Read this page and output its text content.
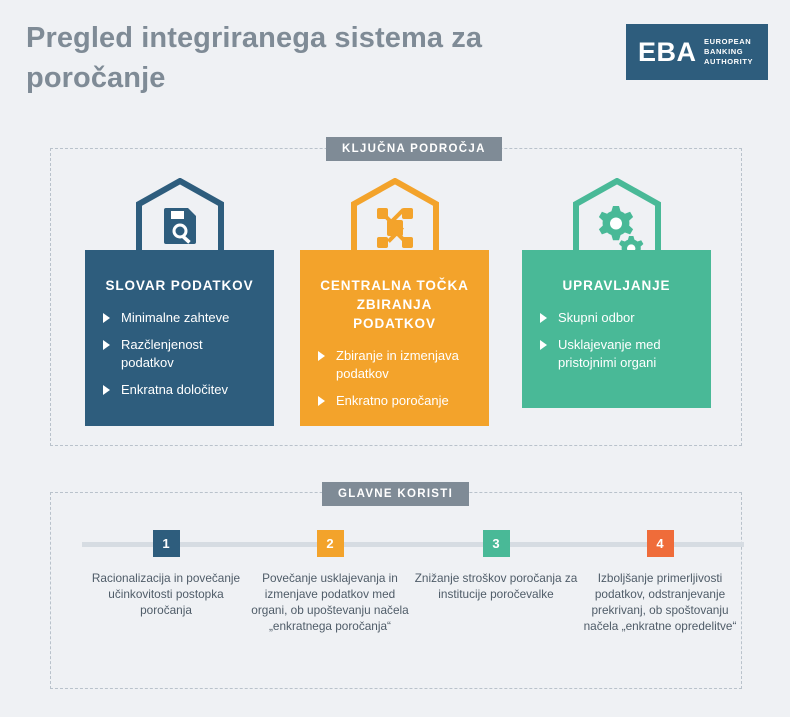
Pregled integriranega sistema za poročanje
EBA EUROPEAN
BANKING
AUTHORITY
KLJUČNA PODROČJA
SLOVAR PODATKOV
Minimalne zahteve
Razčlenjenost podatkov
Enkratna določitev
CENTRALNA TOČKA ZBIRANJA PODATKOV
Zbiranje in izmenjava podatkov
Enkratno poročanje
UPRAVLJANJE
Skupni odbor
Usklajevanje med pristojnimi organi
GLAVNE KORISTI
1
Racionalizacija in povečanje učinkovitosti postopka poročanja
2
Povečanje usklajevanja in izmenjave podatkov med organi, ob upoštevanju načela „enkratnega poročanja“
3
Znižanje stroškov poročanja za institucije poročevalke
4
Izboljšanje primerljivosti podatkov, odstranjevanje prekrivanj, ob spoštovanju načela „enkratne opredelitve“
